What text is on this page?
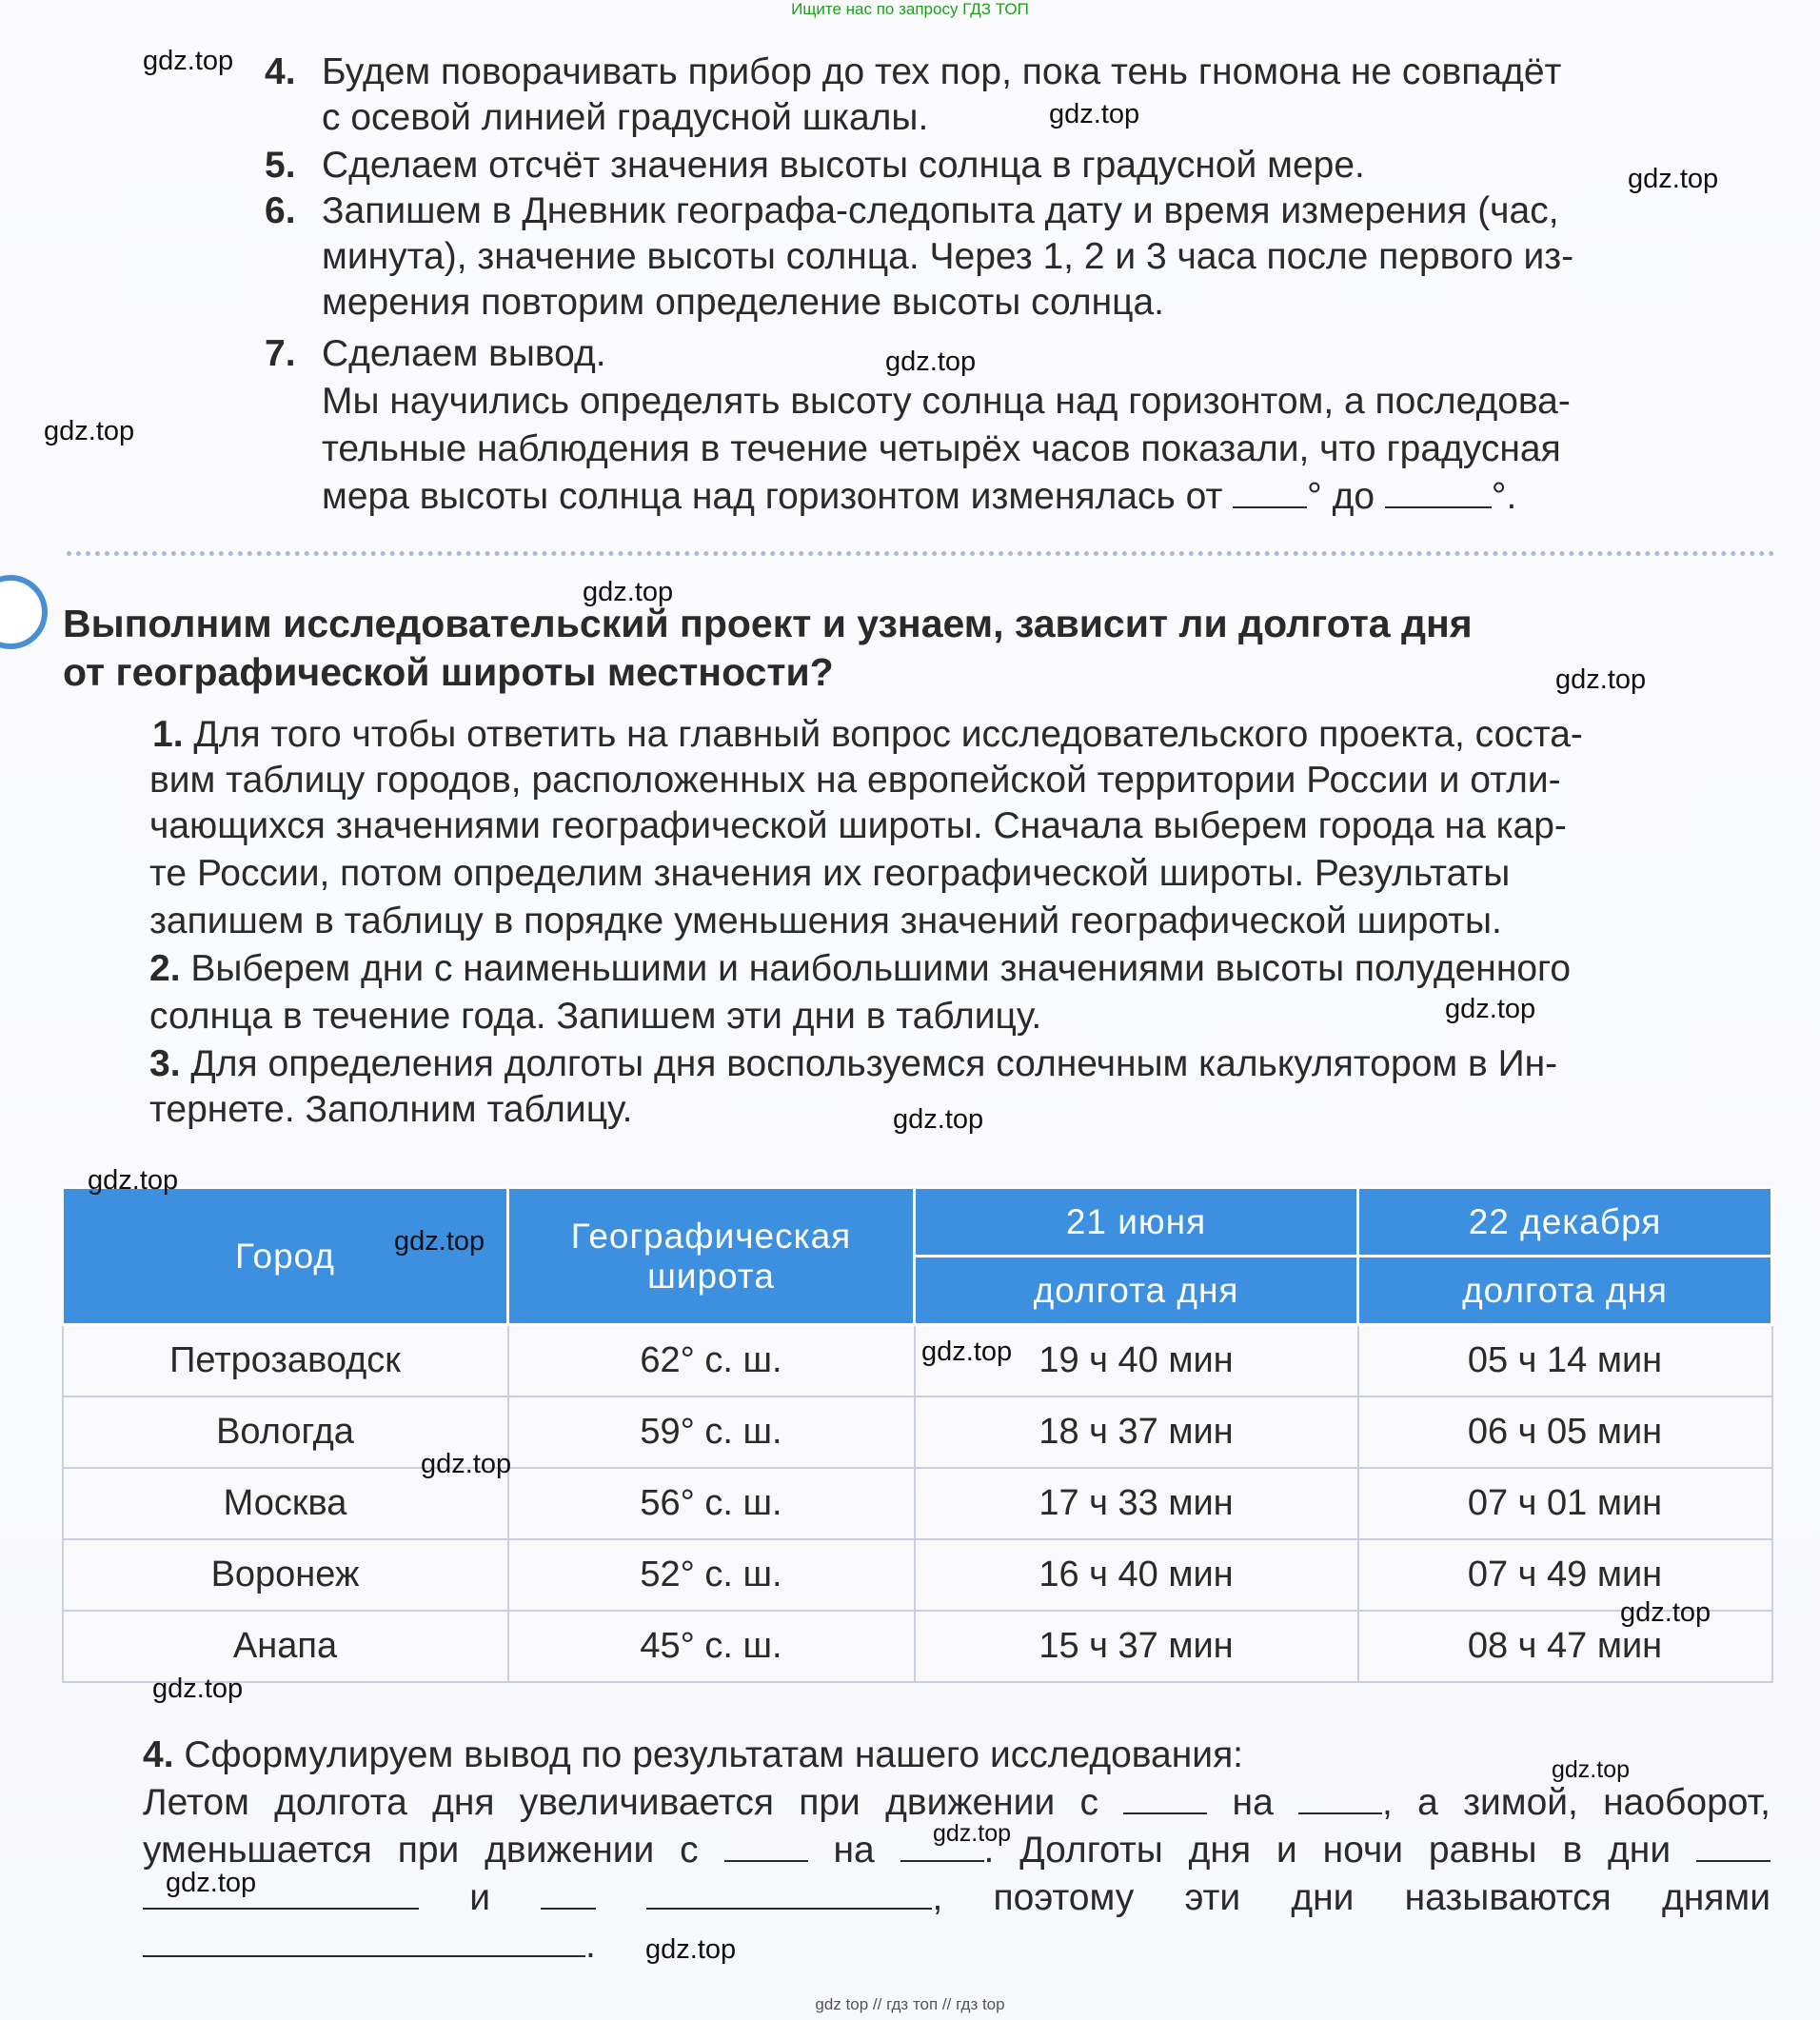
Ищите нас по запросу ГДЗ ТОП
4. Будем поворачивать прибор до тех пор, пока тень гномона не совпадёт
с осевой линией градусной шкалы.
5. Сделаем отсчёт значения высоты солнца в градусной мере.
6. Запишем в Дневник географа-следопыта дату и время измерения (час,
минута), значение высоты солнца. Через 1, 2 и 3 часа после первого из-
мерения повторим определение высоты солнца.
7. Сделаем вывод.
Мы научились определять высоту солнца над горизонтом, а последова-
тельные наблюдения в течение четырёх часов показали, что градусная
мера высоты солнца над горизонтом изменялась от ° до	°.
Выполним исследовательский проект и узнаем, зависит ли долгота дня
от географической широты местности?
1. Для того чтобы ответить на главный вопрос исследовательского проекта, соста-
вим таблицу городов, расположенных на европейской территории России и отли-
чающихся значениями географической широты. Сначала выберем города на кар-
те России, потом определим значения их географической широты. Результаты
запишем в таблицу в порядке уменьшения значений географической широты.
2. Выберем дни с наименьшими и наибольшими значениями высоты полуденного
солнца в течение года. Запишем эти дни в таблицу.
3. Для определения долготы дня воспользуемся солнечным калькулятором в Ин-
тернете. Заполним таблицу.
Город	Географическая широта	21 июня	22 декабря
		долгота дня	долгота дня
Петрозаводск	62° с. ш.	19 ч 40 мин	05 ч 14 мин
Вологда	59° с. ш.	18 ч 37 мин	06 ч 05 мин
Москва	56° с. ш.	17 ч 33 мин	07 ч 01 мин
Воронеж	52° с. ш.	16 ч 40 мин	07 ч 49 мин
Анапа	45° с. ш.	15 ч 37 мин	08 ч 47 мин
4. Сформулируем вывод по результатам нашего исследования:
Летом долгота дня увеличивается при движении с	на	, а зимой, наоборот,
уменьшается при движении с	на	. Долготы дня и ночи равны в дни
и	, поэтому эти дни называются днями
.
gdz.top
gdz.top
gdz.top
gdz.top
gdz.top
gdz.top
gdz.top
gdz.top
gdz.top
gdz.top
gdz.top
gdz.top
gdz.top
gdz.top
gdz.top
gdz.top
gdz.top
gdz.top
gdz.top
gdz top // гдз топ // гдз top
